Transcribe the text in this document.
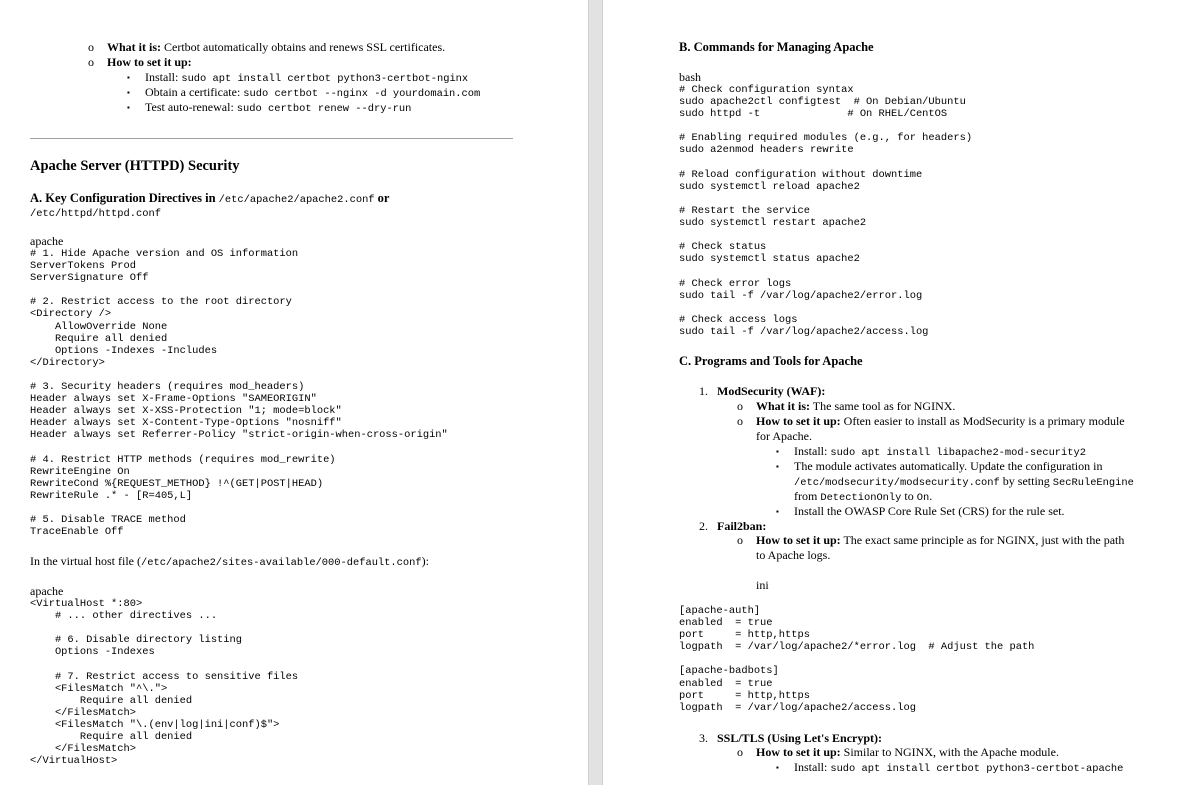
o What it is: Certbot automatically obtains and renews SSL certificates.

o How to set it up:

▪ Install: sudo apt install certbot python3-certbot-nginx

▪ Obtain a certificate: sudo certbot --nginx -d yourdomain.com

▪ Test auto-renewal: sudo certbot renew --dry-run

Apache Server (HTTPD) Security

A. Key Configuration Directives in /etc/apache2/apache2.conf or

/etc/httpd/httpd.conf

apache

# 1. Hide Apache version and OS information
ServerTokens Prod
ServerSignature Off

# 2. Restrict access to the root directory
<Directory />
AllowOverride None
Require all denied
Options -Indexes -Includes
</Directory>

# 3. Security headers (requires mod_headers)
Header always set X-Frame-Options "SAMEORIGIN"
Header always set X-XSS-Protection "1; mode=block"
Header always set X-Content-Type-Options "nosniff"
Header always set Referrer-Policy "strict-origin-when-cross-origin"

# 4. Restrict HTTP methods (requires mod_rewrite)
RewriteEngine On
RewriteCond %{REQUEST_METHOD} !^(GET|POST|HEAD)
RewriteRule .* - [R=405,L]

# 5. Disable TRACE method
TraceEnable Off

In the virtual host file (/etc/apache2/sites-available/000-default.conf):

apache

<VirtualHost *:80>
# ... other directives ...

# 6. Disable directory listing
Options -Indexes

# 7. Restrict access to sensitive files
<FilesMatch "^\.">
Require all denied
</FilesMatch>
<FilesMatch "\.(env|log|ini|conf)$">
Require all denied
</FilesMatch>
</VirtualHost>

B. Commands for Managing Apache

bash

# Check configuration syntax
sudo apache2ctl configtest  # On Debian/Ubuntu
sudo httpd -t              # On RHEL/CentOS

# Enabling required modules (e.g., for headers)
sudo a2enmod headers rewrite

# Reload configuration without downtime
sudo systemctl reload apache2

# Restart the service
sudo systemctl restart apache2

# Check status
sudo systemctl status apache2

# Check error logs
sudo tail -f /var/log/apache2/error.log

# Check access logs
sudo tail -f /var/log/apache2/access.log

C. Programs and Tools for Apache

1. ModSecurity (WAF):

o What it is: The same tool as for NGINX.

o How to set it up: Often easier to install as ModSecurity is a primary module

for Apache.

▪ Install: sudo apt install libapache2-mod-security2

▪ The module activates automatically. Update the configuration in

/etc/modsecurity/modsecurity.conf by setting SecRuleEngine

from DetectionOnly to On.

▪ Install the OWASP Core Rule Set (CRS) for the rule set.

2. Fail2ban:

o How to set it up: The exact same principle as for NGINX, just with the path

to Apache logs.

ini

[apache-auth]
enabled  = true
port     = http,https
logpath  = /var/log/apache2/*error.log  # Adjust the path

[apache-badbots]
enabled  = true
port     = http,https
logpath  = /var/log/apache2/access.log
3. SSL/TLS (Using Let's Encrypt):

o How to set it up: Similar to NGINX, with the Apache module.

▪ Install: sudo apt install certbot python3-certbot-apache
